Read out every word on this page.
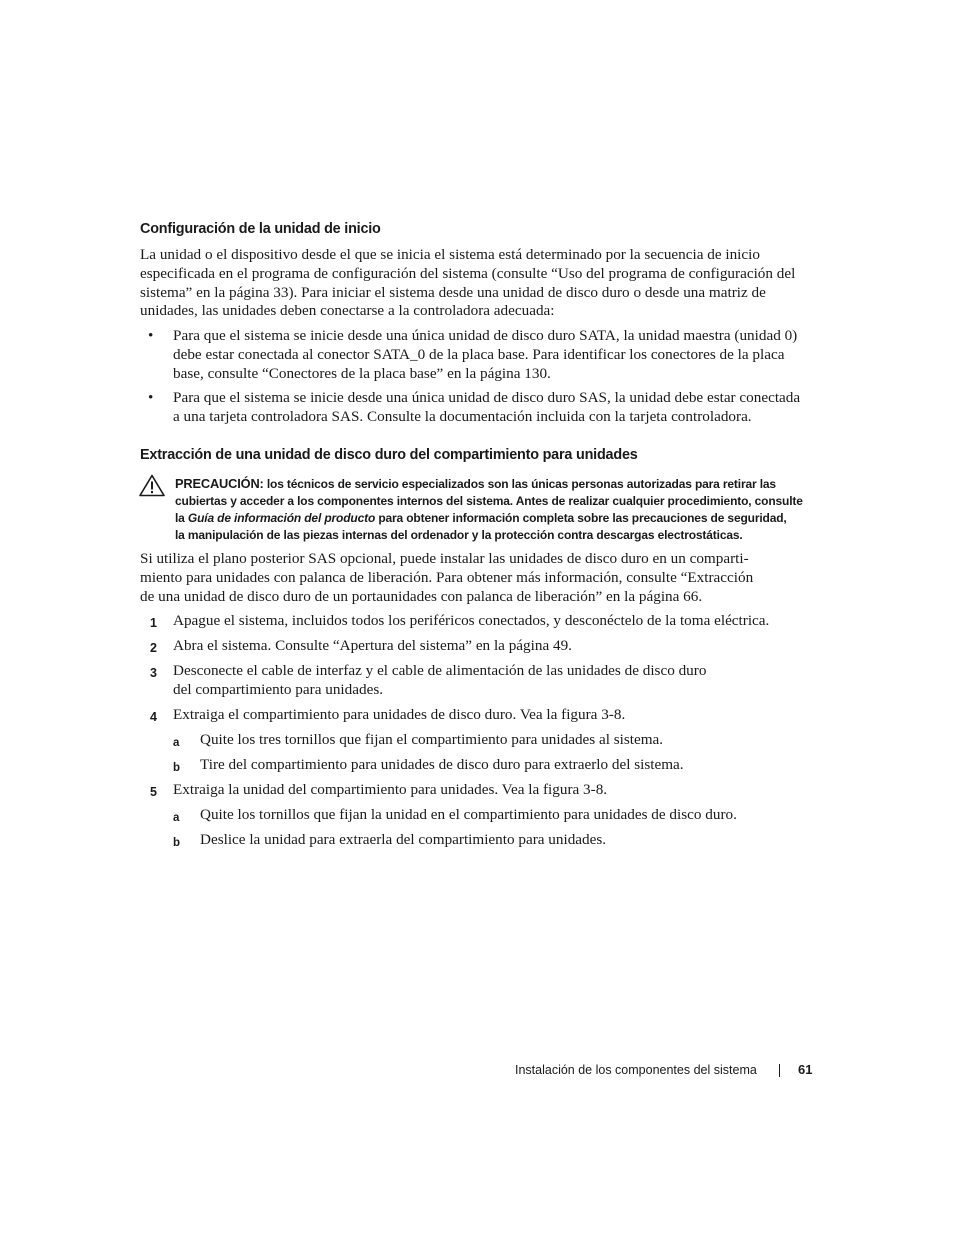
Configuración de la unidad de inicio
La unidad o el dispositivo desde el que se inicia el sistema está determinado por la secuencia de inicio
especificada en el programa de configuración del sistema (consulte “Uso del programa de configuración del
sistema” en la página 33). Para iniciar el sistema desde una unidad de disco duro o desde una matriz de
unidades, las unidades deben conectarse a la controladora adecuada:
• Para que el sistema se inicie desde una única unidad de disco duro SATA, la unidad maestra (unidad 0)
debe estar conectada al conector SATA_0 de la placa base. Para identificar los conectores de la placa
base, consulte “Conectores de la placa base” en la página 130.
• Para que el sistema se inicie desde una única unidad de disco duro SAS, la unidad debe estar conectada
a una tarjeta controladora SAS. Consulte la documentación incluida con la tarjeta controladora.
Extracción de una unidad de disco duro del compartimiento para unidades
PRECAUCIÓN: los técnicos de servicio especializados son las únicas personas autorizadas para retirar las
cubiertas y acceder a los componentes internos del sistema. Antes de realizar cualquier procedimiento, consulte
la Guía de información del producto para obtener información completa sobre las precauciones de seguridad,
la manipulación de las piezas internas del ordenador y la protección contra descargas electrostáticas.
Si utiliza el plano posterior SAS opcional, puede instalar las unidades de disco duro en un comparti-
miento para unidades con palanca de liberación. Para obtener más información, consulte “Extracción
de una unidad de disco duro de un portaunidades con palanca de liberación” en la página 66.
1 Apague el sistema, incluidos todos los periféricos conectados, y desconéctelo de la toma eléctrica.
2 Abra el sistema. Consulte “Apertura del sistema” en la página 49.
3 Desconecte el cable de interfaz y el cable de alimentación de las unidades de disco duro
del compartimiento para unidades.
4 Extraiga el compartimiento para unidades de disco duro. Vea la figura 3-8.
a Quite los tres tornillos que fijan el compartimiento para unidades al sistema.
b Tire del compartimiento para unidades de disco duro para extraerlo del sistema.
5 Extraiga la unidad del compartimiento para unidades. Vea la figura 3-8.
a Quite los tornillos que fijan la unidad en el compartimiento para unidades de disco duro.
b Deslice la unidad para extraerla del compartimiento para unidades.
Instalación de los componentes del sistema	61
